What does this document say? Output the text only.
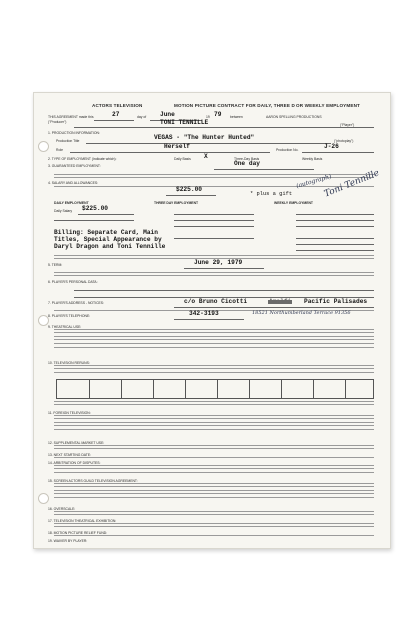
ACTORS TELEVISION	MOTION PICTURE CONTRACT FOR DAILY, THREE D OR WEEKLY EMPLOYMENT
THIS AGREEMENT made this	27	day of June	19 79	between	AARON SPELLING PRODUCTIONS
("Producer")	TONI TENNILLE	("Player")
1. PRODUCTION INFORMATION:
Production Title	VEGAS - "The Hunter Hunted"	("photoplay")
Role	Herself	Production No.	J-26
2. TYPE OF EMPLOYMENT (Indicate which):	Daily Basis X	Three-Day Basis	Weekly Basis
3. GUARANTEED EMPLOYMENT:	One day
4. SALARY AND ALLOWANCES:
$225.00
* plus a gift
DAILY EMPLOYMENT	THREE DAY EMPLOYMENT	WEEKLY EMPLOYMENT
Daily Salary $225.00
Billing: Separate Card, Main
Titles, Special Appearance by
Daryl Dragon and Toni Tennille
5. TERM:	June 29, 1979
6. PLAYER'S PERSONAL DATA:
7. PLAYER'S ADDRESS - NOTICES:	c/o Bruno Cicotti	Amalfi Pacific Palisades
8. PLAYER'S TELEPHONE:	342-3193	18521 Northumberland Terrace 91356
9. THEATRICAL USE:
10. TELEVISION RERUNS:
11. FOREIGN TELEVISION:
12. SUPPLEMENTAL MARKET USE:
13. NEXT STARTING DATE:
14. ARBITRATION OF DISPUTES:
15. SCREEN ACTORS GUILD TELEVISION AGREEMENT:
16. OVERSCALE:
17. TELEVISION THEATRICAL EXHIBITION:
18. MOTION PICTURE RELIEF FUND:
19. WAIVER BY PLAYER:
(autograph)
Toni Tennille
